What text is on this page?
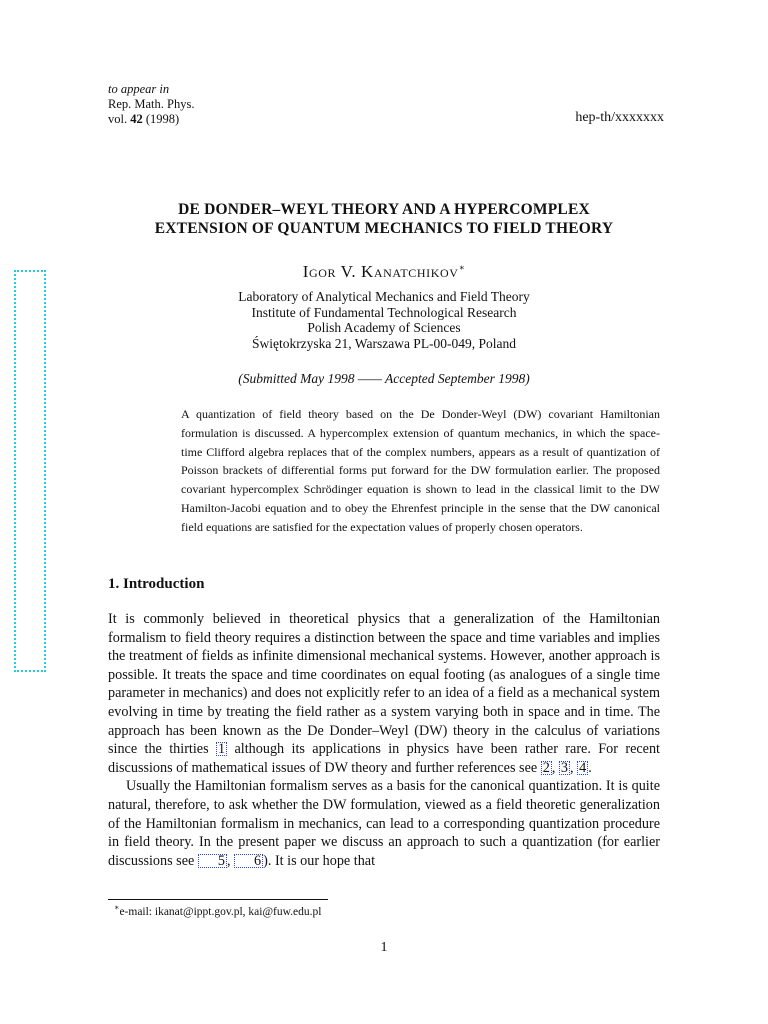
to appear in
Rep. Math. Phys.
vol. 42 (1998)	hep-th/xxxxxxx
DE DONDER–WEYL THEORY AND A HYPERCOMPLEX
EXTENSION OF QUANTUM MECHANICS TO FIELD THEORY
Igor V. Kanatchikov∗
Laboratory of Analytical Mechanics and Field Theory
Institute of Fundamental Technological Research
Polish Academy of Sciences
Świętokrzyska 21, Warszawa PL-00-049, Poland
(Submitted May 1998 —— Accepted September 1998)
A quantization of field theory based on the De Donder-Weyl (DW) covariant Hamiltonian formulation is discussed. A hypercomplex extension of quantum mechanics, in which the space-time Clifford algebra replaces that of the complex numbers, appears as a result of quantization of Poisson brackets of differential forms put forward for the DW formulation earlier. The proposed covariant hypercomplex Schrödinger equation is shown to lead in the classical limit to the DW Hamilton-Jacobi equation and to obey the Ehrenfest principle in the sense that the DW canonical field equations are satisfied for the expectation values of properly chosen operators.
1. Introduction

It is commonly believed in theoretical physics that a generalization of the Hamiltonian formalism to field theory requires a distinction between the space and time variables and implies the treatment of fields as infinite dimensional mechanical systems. However, another approach is possible. It treats the space and time coordinates on equal footing (as analogues of a single time parameter in mechanics) and does not explicitly refer to an idea of a field as a mechanical system evolving in time by treating the field rather as a system varying both in space and in time. The approach has been known as the De Donder–Weyl (DW) theory in the calculus of variations since the thirties 1 although its applications in physics have been rather rare. For recent discussions of mathematical issues of DW theory and further references see 2 , 3 , 4 .

Usually the Hamiltonian formalism serves as a basis for the canonical quantization. It is quite natural, therefore, to ask whether the DW formulation, viewed as a field theoretic generalization of the Hamiltonian formalism in mechanics, can lead to a corresponding quantization procedure in field theory. In the present paper we discuss an approach to such a quantization (for earlier discussions see 5 , 6 ). It is our hope that

∗e-mail: ikanat@ippt.gov.pl, kai@fuw.edu.pl
1
